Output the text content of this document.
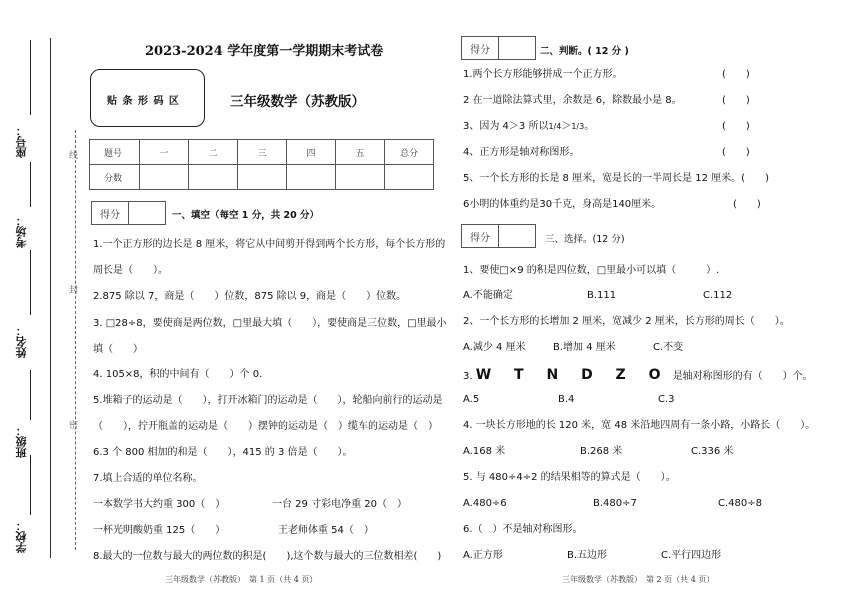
座号：
考场：
姓名：
班级：
学校：
线
封
密
2023-2024 学年度第一学期期末考试卷
贴 条 形 码 区	三年级数学（苏教版）
题号	一	二	三	四	五	总分
分数						
得分	一、填空（每空 1 分，共 20 分）
1.一个正方形的边长是 8 厘米，将它从中间剪开得到两个长方形，每个长方形的
周长是（　　）。
2.875 除以 7，商是（　　）位数，875 除以 9，商是（　　）位数。
3. □28÷8，要使商是两位数，□里最大填（　　），要使商是三位数，□里最小
填（　　）
4. 105×8，积的中间有（　　）个 0.
5.堆箱子的运动是（　　），打开冰箱门的运动是（　　），轮船向前行的运动是
（　　），拧开瓶盖的运动是（　　）摆钟的运动是（　）缆车的运动是（　）
6.3 个 800 相加的和是（　　），415 的 3 倍是（　　）。
7.填上合适的单位名称。
一本数学书大约重 300（　）	一台 29 寸彩电净重 20（　）
一杯光明酸奶重 125（　　）	王老师体重 54（　）
8.最大的一位数与最大的两位数的积是(　　),这个数与最大的三位数相差(　　)
得分	二、判断。( 12 分 )
1.两个长方形能够拼成一个正方形。	(　　)
2 在一道除法算式里，余数是 6，除数最小是 8。	(　　)
3、因为 4＞3 所以1/4＞1/3。	(　　)
4、正方形是轴对称图形。	(　　)
5、一个长方形的长是 8 厘米，宽是长的一半周长是 12 厘米。(　　)
6小明的体重约是30千克，身高是140厘米。	(　　)
得分	三、选择。(12 分)
1、要使□×9 的积是四位数，□里最小可以填（　　　）.
A.不能确定	B.111	C.112
2、一个长方形的长增加 2 厘米，宽减少 2 厘米，长方形的周长（　　）。
A.减少 4 厘米	B.增加 4 厘米	C.不变
3. W T N D Z O 是轴对称图形的有（　　）个。
A.5	B.4	C.3
4. 一块长方形地的长 120 米，宽 48 米沿地四周有一条小路，小路长（　　）。
A.168 米	B.268 米	C.336 米
5. 与 480÷4÷2 的结果相等的算式是（　　）。
A.480÷6	B.480÷7	C.480÷8
6.（　）不是轴对称图形。
A.正方形	B.五边形	C.平行四边形
三年级数学（苏教版）　第 1 页（共 4 页）	三年级数学（苏教版）　第 2 页（共 4 页）
